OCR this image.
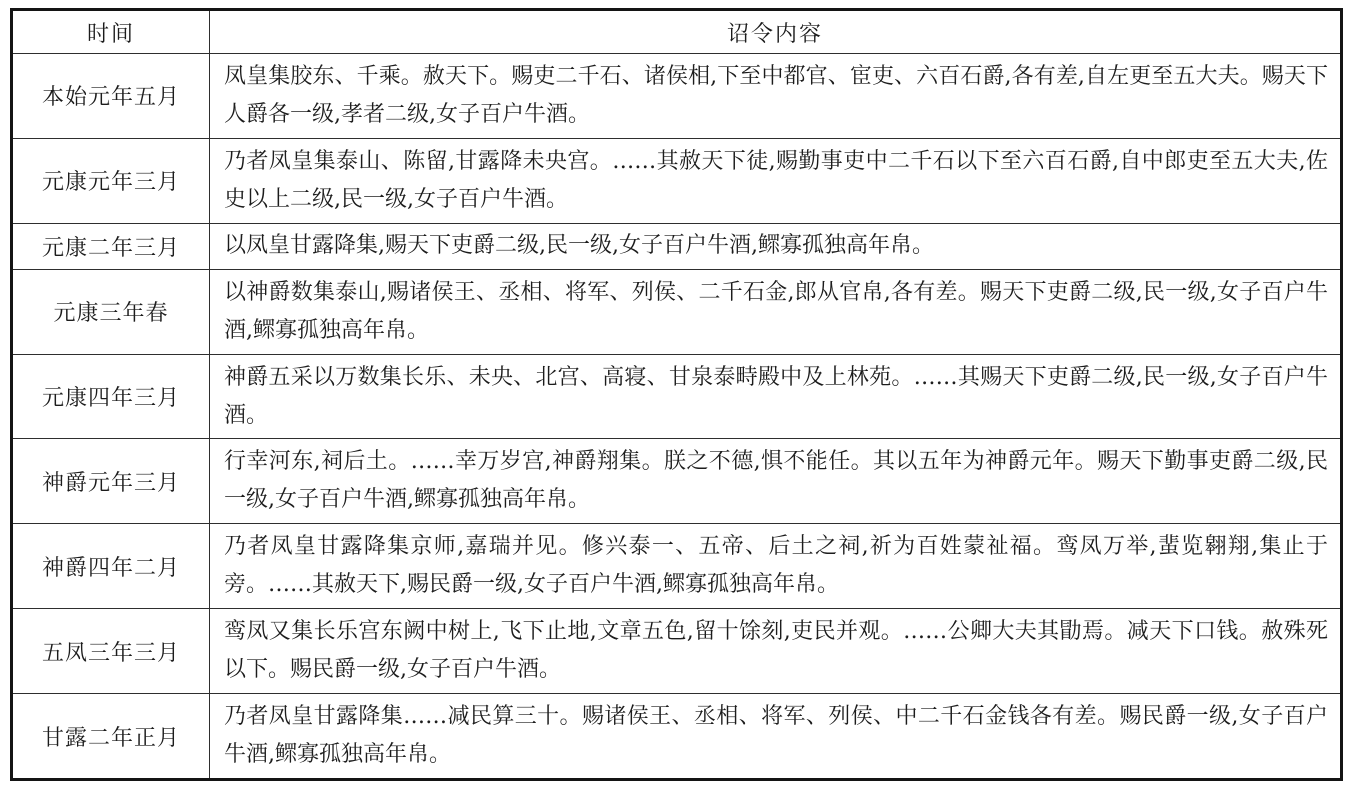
时间	诏令内容
本始元年五月	凤皇集胶东、千乘。赦天下。赐吏二千石、诸侯相,下至中都官、宦吏、六百石爵,各有差,自左更至五大夫。赐天下人爵各一级,孝者二级,女子百户牛酒。
元康元年三月	乃者凤皇集泰山、陈留,甘露降未央宫。……其赦天下徒,赐勤事吏中二千石以下至六百石爵,自中郎吏至五大夫,佐史以上二级,民一级,女子百户牛酒。
元康二年三月	以凤皇甘露降集,赐天下吏爵二级,民一级,女子百户牛酒,鳏寡孤独高年帛。
元康三年春	以神爵数集泰山,赐诸侯王、丞相、将军、列侯、二千石金,郎从官帛,各有差。赐天下吏爵二级,民一级,女子百户牛酒,鳏寡孤独高年帛。
元康四年三月	神爵五采以万数集长乐、未央、北宫、高寝、甘泉泰畤殿中及上林苑。……其赐天下吏爵二级,民一级,女子百户牛酒。
神爵元年三月	行幸河东,祠后土。……幸万岁宫,神爵翔集。朕之不德,惧不能任。其以五年为神爵元年。赐天下勤事吏爵二级,民一级,女子百户牛酒,鳏寡孤独高年帛。
神爵四年二月	乃者凤皇甘露降集京师,嘉瑞并见。修兴泰一、五帝、后土之祠,祈为百姓蒙祉福。鸾凤万举,蜚览翱翔,集止于旁。……其赦天下,赐民爵一级,女子百户牛酒,鳏寡孤独高年帛。
五凤三年三月	鸾凤又集长乐宫东阙中树上,飞下止地,文章五色,留十馀刻,吏民并观。……公卿大夫其勖焉。减天下口钱。赦殊死以下。赐民爵一级,女子百户牛酒。
甘露二年正月	乃者凤皇甘露降集……减民算三十。赐诸侯王、丞相、将军、列侯、中二千石金钱各有差。赐民爵一级,女子百户牛酒,鳏寡孤独高年帛。
